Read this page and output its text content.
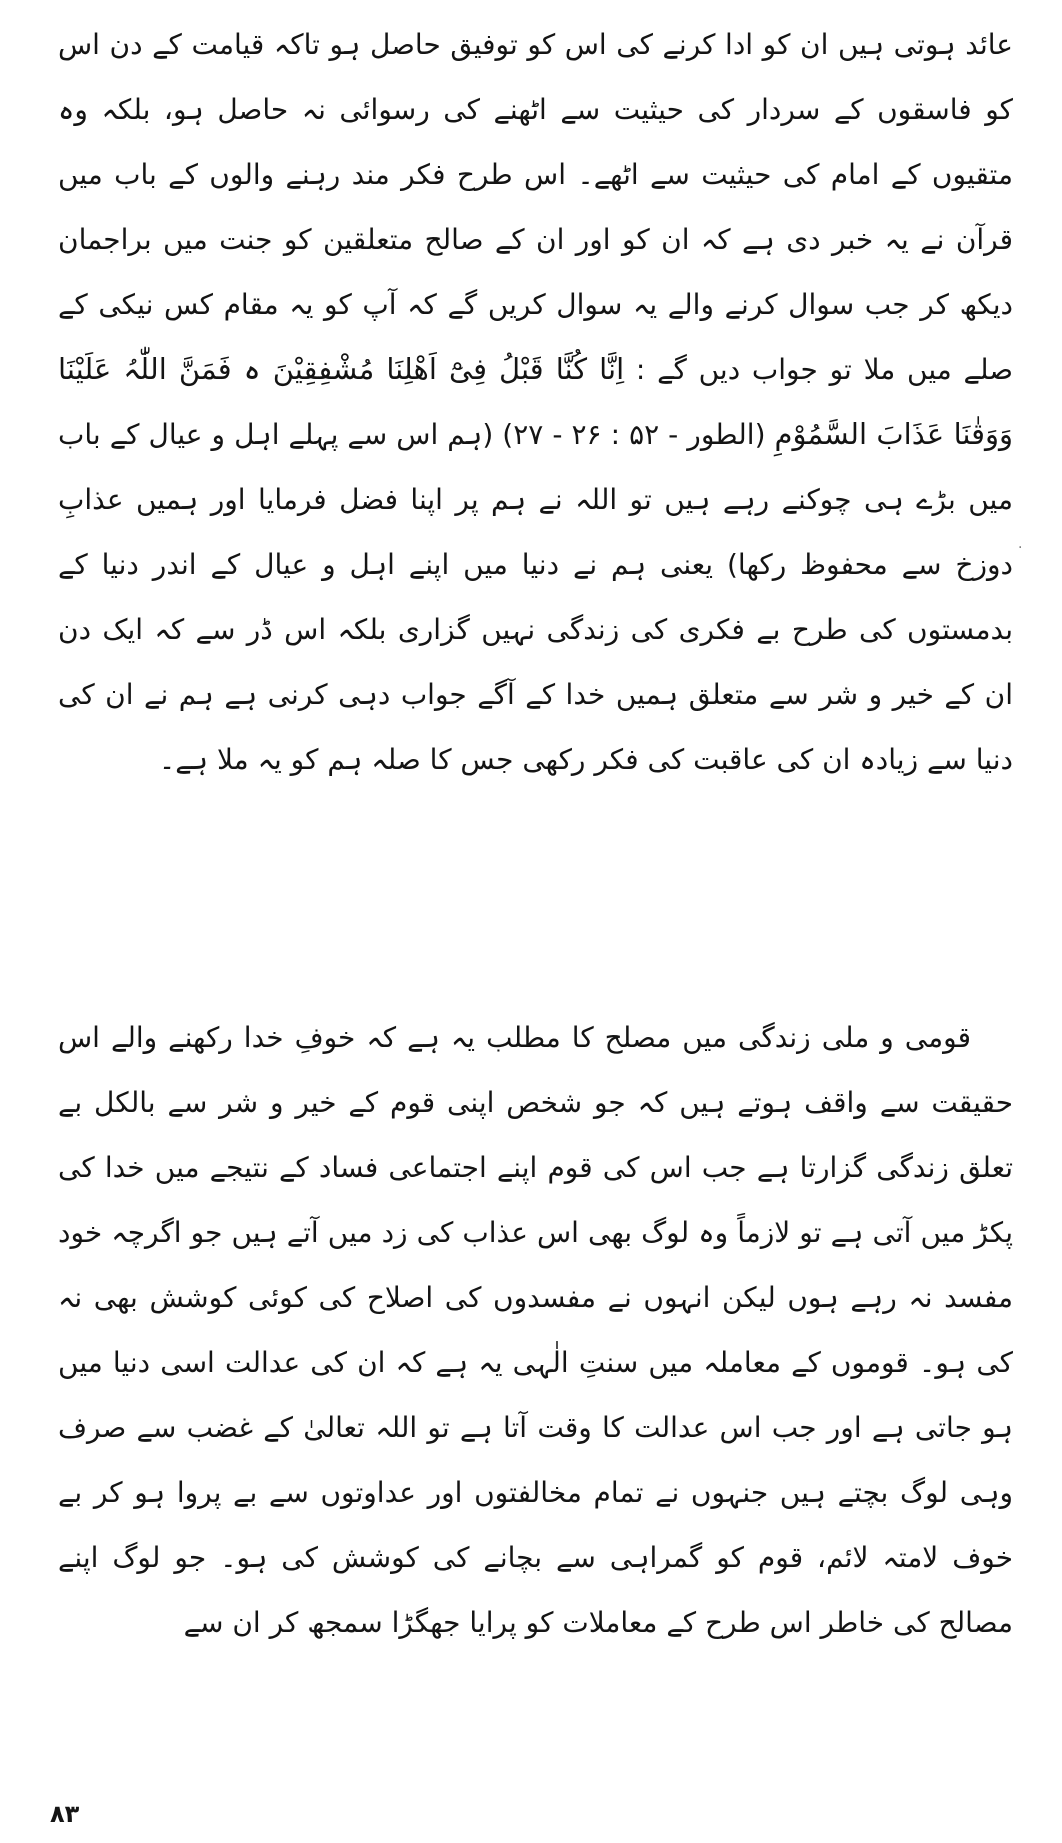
عائد ہوتی ہیں ان کو ادا کرنے کی اس کو توفیق حاصل ہو تاکہ قیامت کے دن اس کو فاسقوں کے سردار کی حیثیت سے اٹھنے کی رسوائی نہ حاصل ہو، بلکہ وہ متقیوں کے امام کی حیثیت سے اٹھے۔ اس طرح فکر مند رہنے والوں کے باب میں قرآن نے یہ خبر دی ہے کہ ان کو اور ان کے صالح متعلقین کو جنت میں براجمان دیکھ کر جب سوال کرنے والے یہ سوال کریں گے کہ آپ کو یہ مقام کس نیکی کے صلے میں ملا تو جواب دیں گے : اِنَّا کُنَّا قَبْلُ فِیْٓ اَھْلِنَا مُشْفِقِیْنَ ہ فَمَنَّ اللّٰہُ عَلَیْنَا وَوَقٰنَا عَذَابَ السَّمُوْمِ (الطور - ۵۲ : ۲۶ - ۲۷) (ہم اس سے پہلے اہل و عیال کے باب میں بڑے ہی چوکنے رہے ہیں تو اللہ نے ہم پر اپنا فضل فرمایا اور ہمیں عذابِ دوزخ سے محفوظ رکھا) یعنی ہم نے دنیا میں اپنے اہل و عیال کے اندر دنیا کے بدمستوں کی طرح بے فکری کی زندگی نہیں گزاری بلکہ اس ڈر سے کہ ایک دن ان کے خیر و شر سے متعلق ہمیں خدا کے آگے جواب دہی کرنی ہے ہم نے ان کی دنیا سے زیادہ ان کی عاقبت کی فکر رکھی جس کا صلہ ہم کو یہ ملا ہے۔

قومی و ملی زندگی میں مصلح کا مطلب یہ ہے کہ خوفِ خدا رکھنے والے اس حقیقت سے واقف ہوتے ہیں کہ جو شخص اپنی قوم کے خیر و شر سے بالکل بے تعلق زندگی گزارتا ہے جب اس کی قوم اپنے اجتماعی فساد کے نتیجے میں خدا کی پکڑ میں آتی ہے تو لازماً وہ لوگ بھی اس عذاب کی زد میں آتے ہیں جو اگرچہ خود مفسد نہ رہے ہوں لیکن انہوں نے مفسدوں کی اصلاح کی کوئی کوشش بھی نہ کی ہو۔ قوموں کے معاملہ میں سنتِ الٰہی یہ ہے کہ ان کی عدالت اسی دنیا میں ہو جاتی ہے اور جب اس عدالت کا وقت آتا ہے تو اللہ تعالیٰ کے غضب سے صرف وہی لوگ بچتے ہیں جنہوں نے تمام مخالفتوں اور عداوتوں سے بے پروا ہو کر بے خوف لامتہ لائم، قوم کو گمراہی سے بچانے کی کوشش کی ہو۔ جو لوگ اپنے مصالح کی خاطر اس طرح کے معاملات کو پرایا جھگڑا سمجھ کر ان سے

·
۸۳
